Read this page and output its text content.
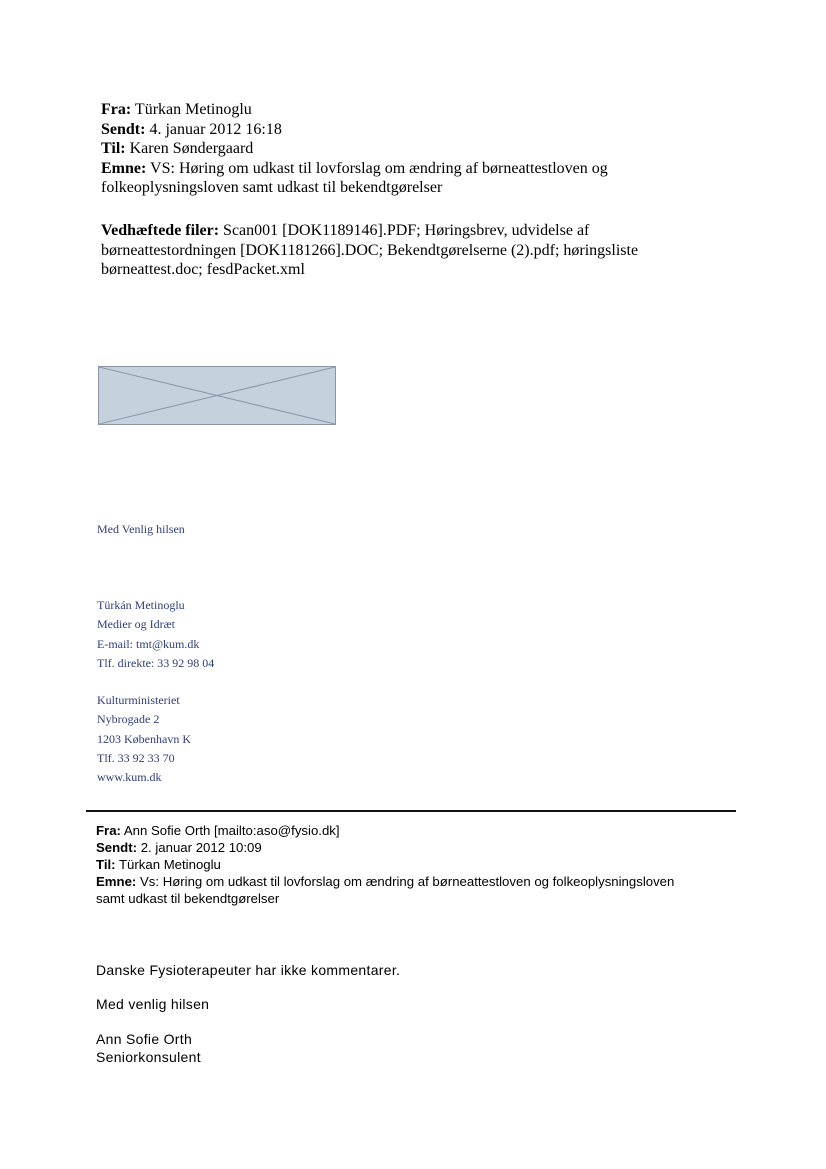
Fra: Türkan Metinoglu

Sendt: 4. januar 2012 16:18

Til: Karen Søndergaard

Emne: VS: Høring om udkast til lovforslag om ændring af børneattestloven og
folkeoplysningsloven samt udkast til bekendtgørelser

Vedhæftede filer: Scan001 [DOK1189146].PDF; Høringsbrev, udvidelse af
børneattestordningen [DOK1181266].DOC; Bekendtgørelserne (2).pdf; høringsliste
børneattest.doc; fesdPacket.xml
Med Venlig hilsen
Türkán Metinoglu
Medier og Idræt
E-mail: tmt@kum.dk
Tlf. direkte: 33 92 98 04
Kulturministeriet
Nybrogade 2
1203 København K
Tlf. 33 92 33 70
www.kum.dk
Fra: Ann Sofie Orth [mailto:aso@fysio.dk]
Sendt: 2. januar 2012 10:09
Til: Türkan Metinoglu
Emne: Vs: Høring om udkast til lovforslag om ændring af børneattestloven og folkeoplysningsloven
samt udkast til bekendtgørelser
Danske Fysioterapeuter har ikke kommentarer.
Med venlig hilsen
Ann Sofie Orth
Seniorkonsulent
